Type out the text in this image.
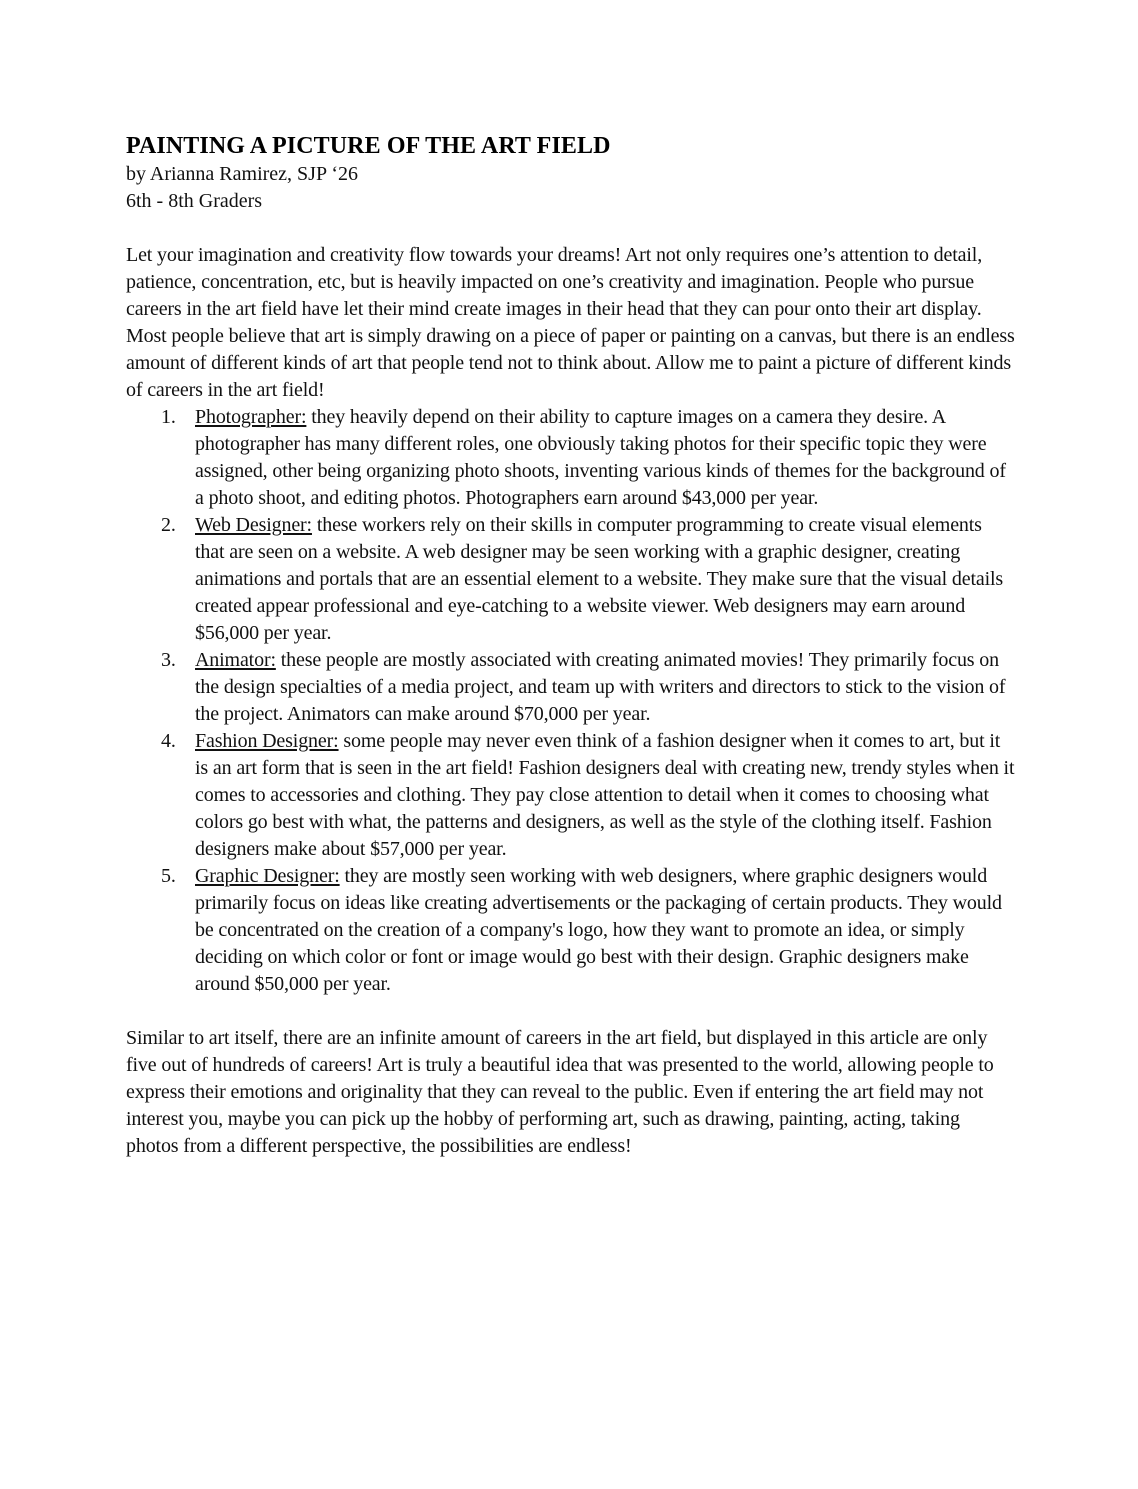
PAINTING A PICTURE OF THE ART FIELD

by Arianna Ramirez, SJP ‘26

6th - 8th Graders

Let your imagination and creativity flow towards your dreams! Art not only requires one’s attention to detail, patience, concentration, etc, but is heavily impacted on one’s creativity and imagination. People who pursue careers in the art field have let their mind create images in their head that they can pour onto their art display. Most people believe that art is simply drawing on a piece of paper or painting on a canvas, but there is an endless amount of different kinds of art that people tend not to think about. Allow me to paint a picture of different kinds of careers in the art field!

1. Photographer: they heavily depend on their ability to capture images on a camera they desire. A photographer has many different roles, one obviously taking photos for their specific topic they were assigned, other being organizing photo shoots, inventing various kinds of themes for the background of a photo shoot, and editing photos. Photographers earn around $43,000 per year.
2. Web Designer: these workers rely on their skills in computer programming to create visual elements that are seen on a website. A web designer may be seen working with a graphic designer, creating animations and portals that are an essential element to a website. They make sure that the visual details created appear professional and eye-catching to a website viewer. Web designers may earn around $56,000 per year.
3. Animator: these people are mostly associated with creating animated movies! They primarily focus on the design specialties of a media project, and team up with writers and directors to stick to the vision of the project. Animators can make around $70,000 per year.
4. Fashion Designer: some people may never even think of a fashion designer when it comes to art, but it is an art form that is seen in the art field! Fashion designers deal with creating new, trendy styles when it comes to accessories and clothing. They pay close attention to detail when it comes to choosing what colors go best with what, the patterns and designers, as well as the style of the clothing itself. Fashion designers make about $57,000 per year.
5. Graphic Designer: they are mostly seen working with web designers, where graphic designers would primarily focus on ideas like creating advertisements or the packaging of certain products. They would be concentrated on the creation of a company's logo, how they want to promote an idea, or simply deciding on which color or font or image would go best with their design. Graphic designers make around $50,000 per year.

Similar to art itself, there are an infinite amount of careers in the art field, but displayed in this article are only five out of hundreds of careers! Art is truly a beautiful idea that was presented to the world, allowing people to express their emotions and originality that they can reveal to the public. Even if entering the art field may not interest you, maybe you can pick up the hobby of performing art, such as drawing, painting, acting, taking photos from a different perspective, the possibilities are endless!
